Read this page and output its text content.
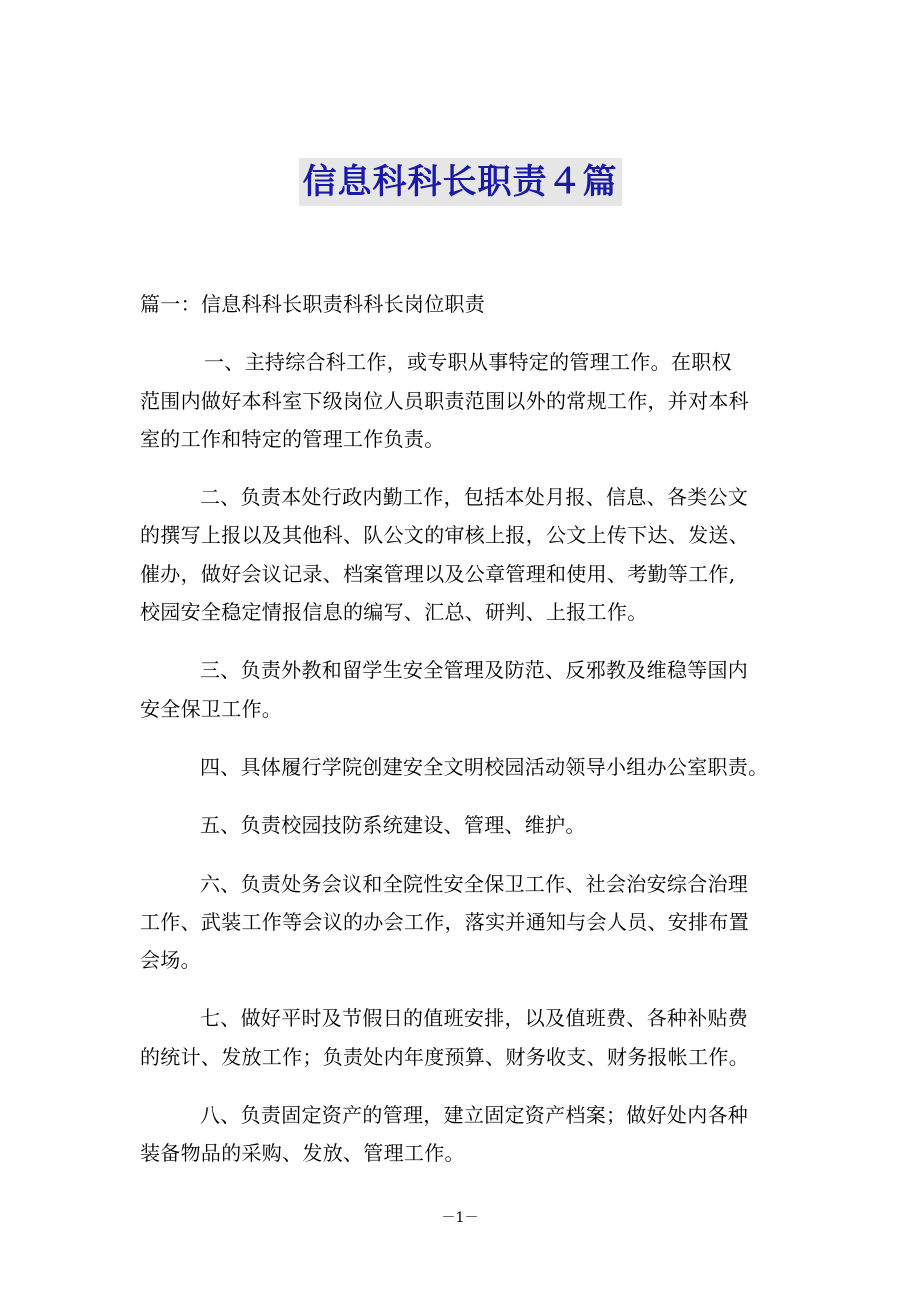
信息科科长职责４篇
篇一：信息科科长职责科科长岗位职责
一、主持综合科工作，或专职从事特定的管理工作。在职权
范围内做好本科室下级岗位人员职责范围以外的常规工作，并对本科
室的工作和特定的管理工作负责。
二、负责本处行政内勤工作，包括本处月报、信息、各类公文
的撰写上报以及其他科、队公文的审核上报，公文上传下达、发送、
催办，做好会议记录、档案管理以及公章管理和使用、考勤等工作,
校园安全稳定情报信息的编写、汇总、研判、上报工作。
三、负责外教和留学生安全管理及防范、反邪教及维稳等国内
安全保卫工作。
四、具体履行学院创建安全文明校园活动领导小组办公室职责。
五、负责校园技防系统建设、管理、维护。
六、负责处务会议和全院性安全保卫工作、社会治安综合治理
工作、武装工作等会议的办会工作，落实并通知与会人员、安排布置
会场。
七、做好平时及节假日的值班安排，以及值班费、各种补贴费
的统计、发放工作；负责处内年度预算、财务收支、财务报帐工作。
八、负责固定资产的管理，建立固定资产档案；做好处内各种
装备物品的采购、发放、管理工作。
－1－
